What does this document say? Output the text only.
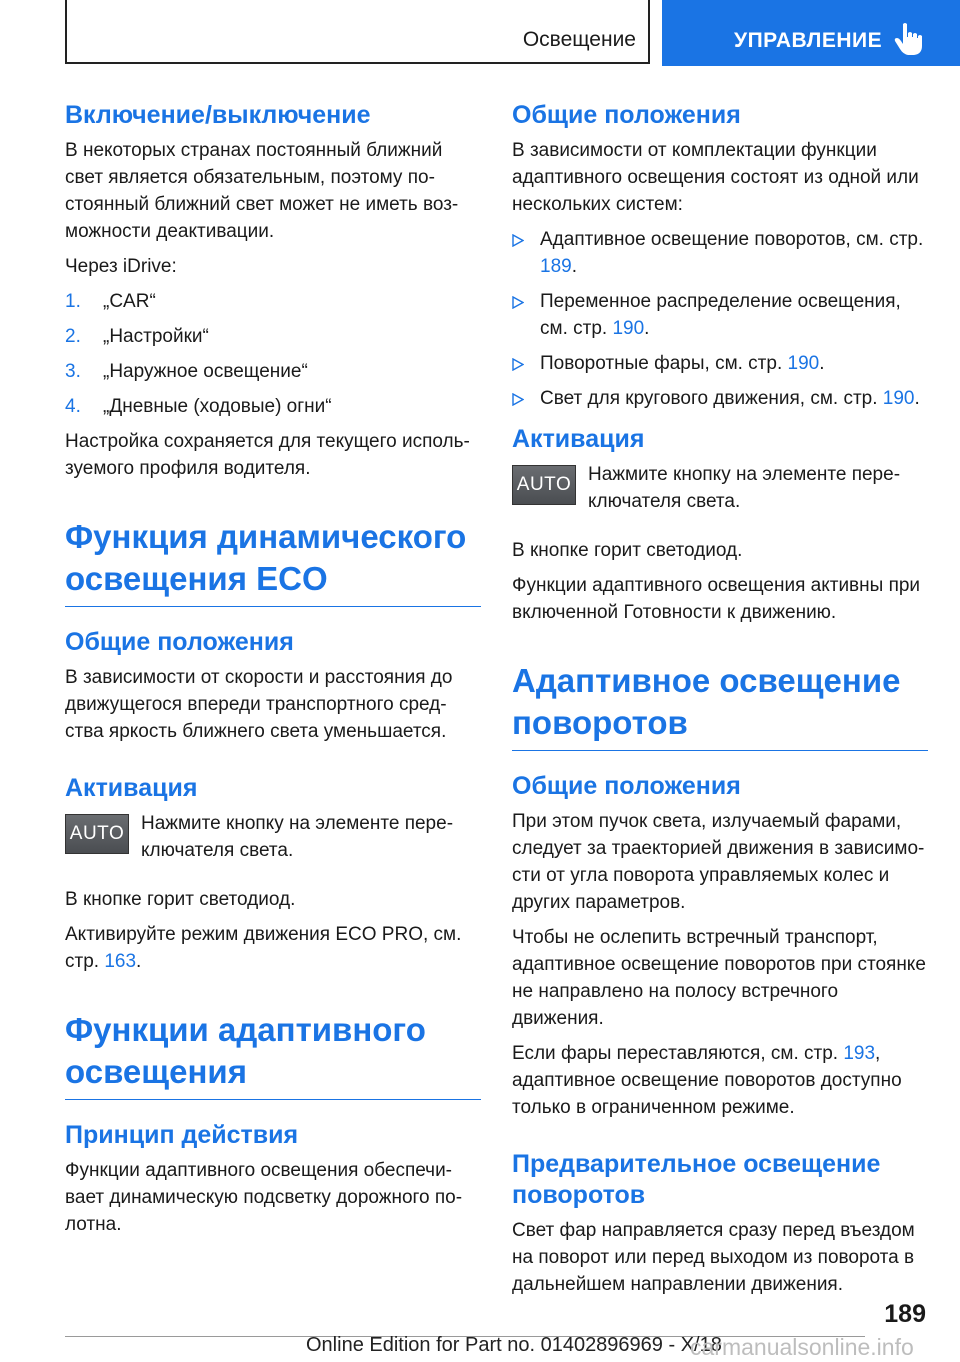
Освещение	УПРАВЛЕНИЕ
Включение/выключение

В некоторых странах постоянный ближний свет является обязательным, поэтому по-стоянный ближний свет может не иметь воз-можности деактивации.

Через iDrive:

1. „CAR“
2. „Настройки“
3. „Наружное освещение“
4. „Дневные (ходовые) огни“

Настройка сохраняется для текущего исполь-зуемого профиля водителя.

Функция динамического освещения ECO
Общие положения

В зависимости от скорости и расстояния до движущегося впереди транспортного сред-ства яркость ближнего света уменьшается.

Активация
AUTO Нажмите кнопку на элементе пере-ключателя света.

В кнопке горит светодиод.

Активируйте режим движения ECO PRO, см. стр. 163.

Функции адаптивного освещения
Принцип действия

Функции адаптивного освещения обеспечи-вает динамическую подсветку дорожного по-лотна.

Общие положения

В зависимости от комплектации функции адаптивного освещения состоят из одной или нескольких систем:

Адаптивное освещение поворотов, см. стр. 189.
Переменное распределение освещения, см. стр. 190.
Поворотные фары, см. стр. 190.
Свет для кругового движения, см. стр. 190.
Активация
AUTO Нажмите кнопку на элементе пере-ключателя света.

В кнопке горит светодиод.

Функции адаптивного освещения активны при включенной Готовности к движению.

Адаптивное освещение поворотов
Общие положения

При этом пучок света, излучаемый фарами, следует за траекторией движения в зависимо-сти от угла поворота управляемых колес и других параметров.

Чтобы не ослепить встречный транспорт, адаптивное освещение поворотов при стоянке не направлено на полосу встречного движения.

Если фары переставляются, см. стр. 193, адаптивное освещение поворотов доступно только в ограниченном режиме.

Предварительное освещение поворотов

Свет фар направляется сразу перед въездом на поворот или перед выходом из поворота в дальнейшем направлении движения.

189
Online Edition for Part no. 01402896969 - X/18
carmanualsonline.info
